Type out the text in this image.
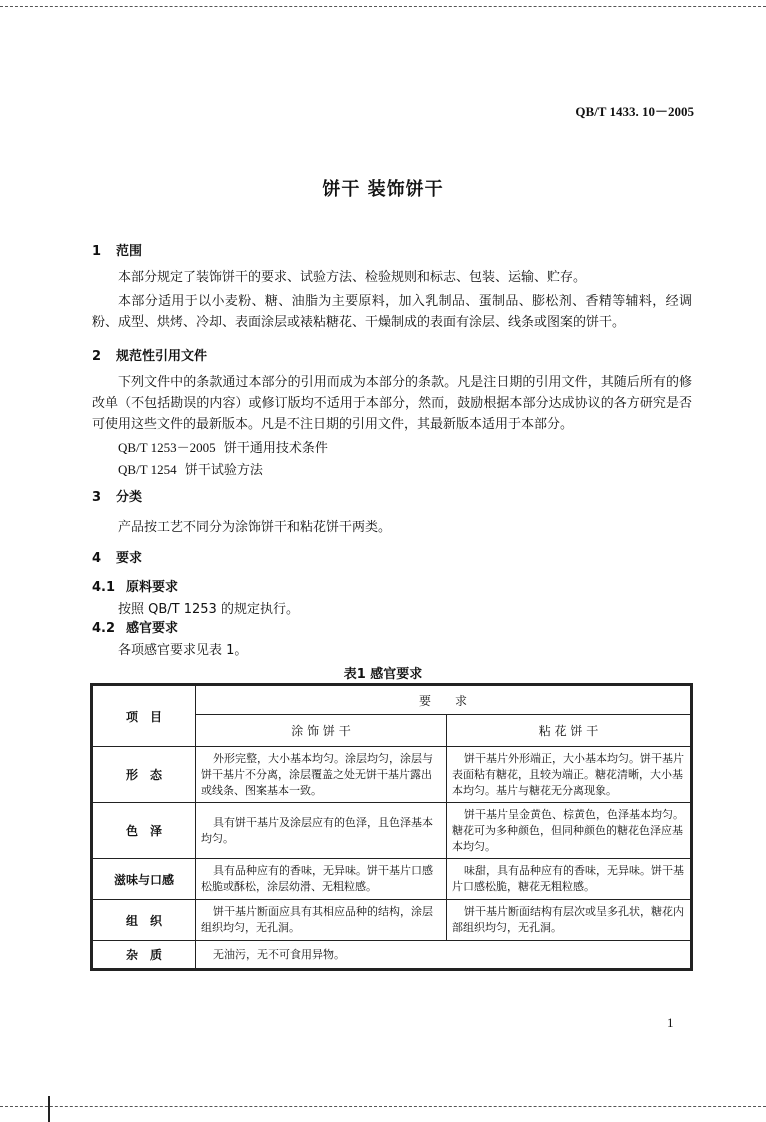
QB/T 1433. 10－2005
饼干 装饰饼干
1 范围
本部分规定了装饰饼干的要求、试验方法、检验规则和标志、包装、运输、贮存。
本部分适用于以小麦粉、糖、油脂为主要原料，加入乳制品、蛋制品、膨松剂、香精等辅料，经调粉、成型、烘烤、冷却、表面涂层或裱粘糖花、干燥制成的表面有涂层、线条或图案的饼干。
2 规范性引用文件
下列文件中的条款通过本部分的引用而成为本部分的条款。凡是注日期的引用文件，其随后所有的修改单（不包括勘误的内容）或修订版均不适用于本部分，然而，鼓励根据本部分达成协议的各方研究是否可使用这些文件的最新版本。凡是不注日期的引用文件，其最新版本适用于本部分。
QB/T 1253－2005 饼干通用技术条件
QB/T 1254 饼干试验方法
3 分类
产品按工艺不同分为涂饰饼干和粘花饼干两类。
4 要求
4.1 原料要求
按照 QB/T 1253 的规定执行。
4.2 感官要求
各项感官要求见表 1。
表1 感官要求
项　目	要　　求	
	涂 饰 饼 干	粘 花 饼 干
形　态	外形完整，大小基本均匀。涂层均匀，涂层与饼干基片不分离，涂层覆盖之处无饼干基片露出或线条、图案基本一致。	饼干基片外形端正，大小基本均匀。饼干基片表面粘有糖花，且较为端正。糖花清晰，大小基本均匀。基片与糖花无分离现象。
色　泽	具有饼干基片及涂层应有的色泽，且色泽基本均匀。	饼干基片呈金黄色、棕黄色，色泽基本均匀。糖花可为多种颜色，但同种颜色的糖花色泽应基本均匀。
滋味与口感	具有品种应有的香味，无异味。饼干基片口感松脆或酥松，涂层幼滑、无粗粒感。	味甜，具有品种应有的香味，无异味。饼干基片口感松脆，糖花无粗粒感。
组　织	饼干基片断面应具有其相应品种的结构，涂层组织均匀，无孔洞。	饼干基片断面结构有层次或呈多孔状，糖花内部组织均匀，无孔洞。
杂　质	无油污，无不可食用异物。	
1
